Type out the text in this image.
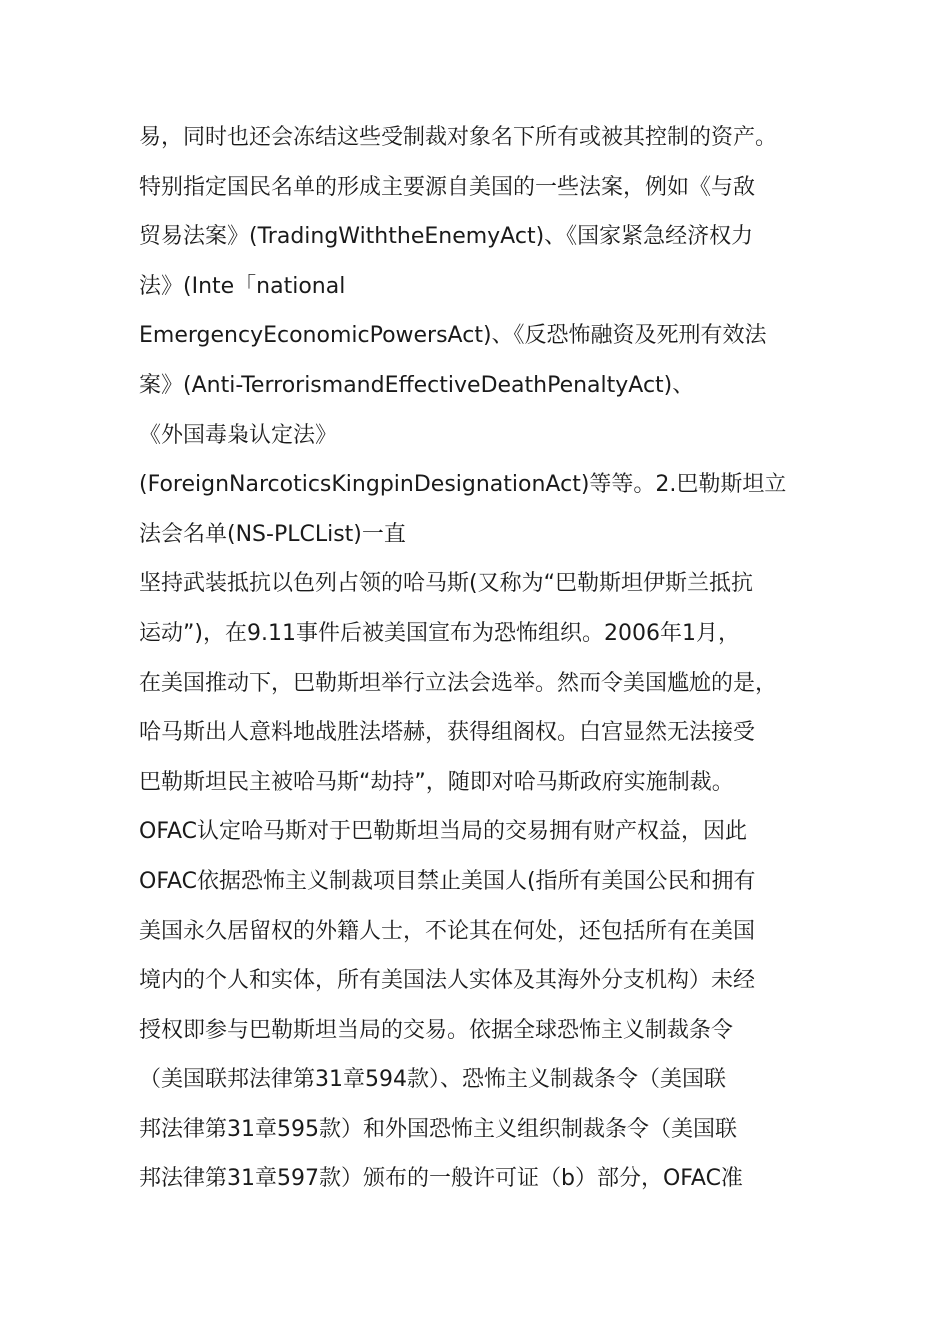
易，同时也还会冻结这些受制裁对象名下所有或被其控制的资产。
特别指定国民名单的形成主要源自美国的一些法案，例如《与敌
贸易法案》(TradingWiththeEnemyAct)、《国家紧急经济权力
法》(Inte「national
EmergencyEconomicPowersAct)、《反恐怖融资及死刑有效法
案》(Anti-TerrorismandEffectiveDeathPenaltyAct)、
《外国毒枭认定法》
(ForeignNarcoticsKingpinDesignationAct)等等。2.巴勒斯坦立
法会名单(NS-PLCList)一直
坚持武装抵抗以色列占领的哈马斯(又称为“巴勒斯坦伊斯兰抵抗
运动”)，在9.11事件后被美国宣布为恐怖组织。2006年1月，
在美国推动下，巴勒斯坦举行立法会选举。然而令美国尴尬的是，
哈马斯出人意料地战胜法塔赫，获得组阁权。白宫显然无法接受
巴勒斯坦民主被哈马斯“劫持”，随即对哈马斯政府实施制裁。
OFAC认定哈马斯对于巴勒斯坦当局的交易拥有财产权益，因此
OFAC依据恐怖主义制裁项目禁止美国人(指所有美国公民和拥有
美国永久居留权的外籍人士，不论其在何处，还包括所有在美国
境内的个人和实体，所有美国法人实体及其海外分支机构）未经
授权即参与巴勒斯坦当局的交易。依据全球恐怖主义制裁条令
（美国联邦法律第31章594款）、恐怖主义制裁条令（美国联
邦法律第31章595款）和外国恐怖主义组织制裁条令（美国联
邦法律第31章597款）颁布的一般许可证（b）部分，OFAC准
